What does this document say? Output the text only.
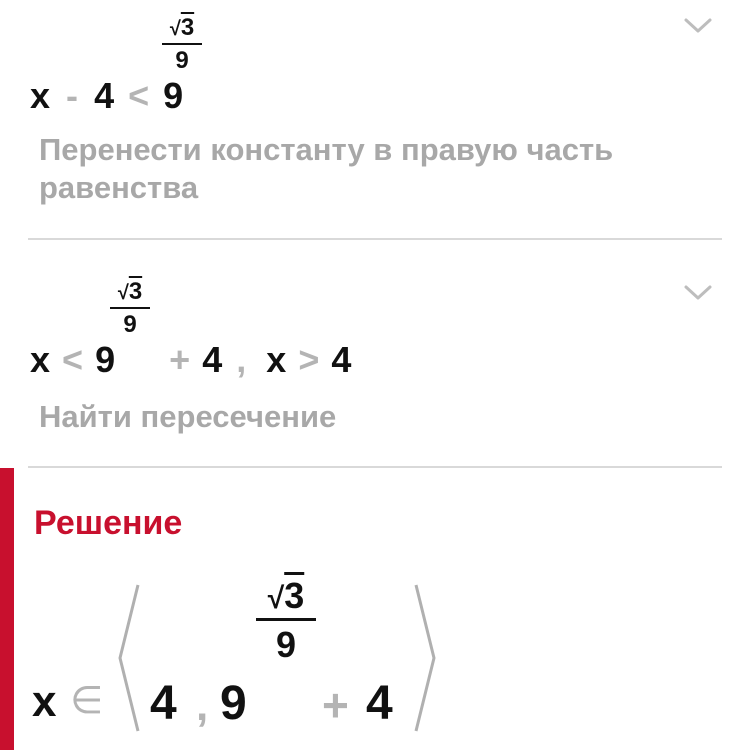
x - 4 < 9
√3
9
Перенести константу в правую часть
равенства
x < 9 + 4 , x > 4
√3
9
Найти пересечение
Решение
x ∈ 4 , 9
√3
9
+ 4
